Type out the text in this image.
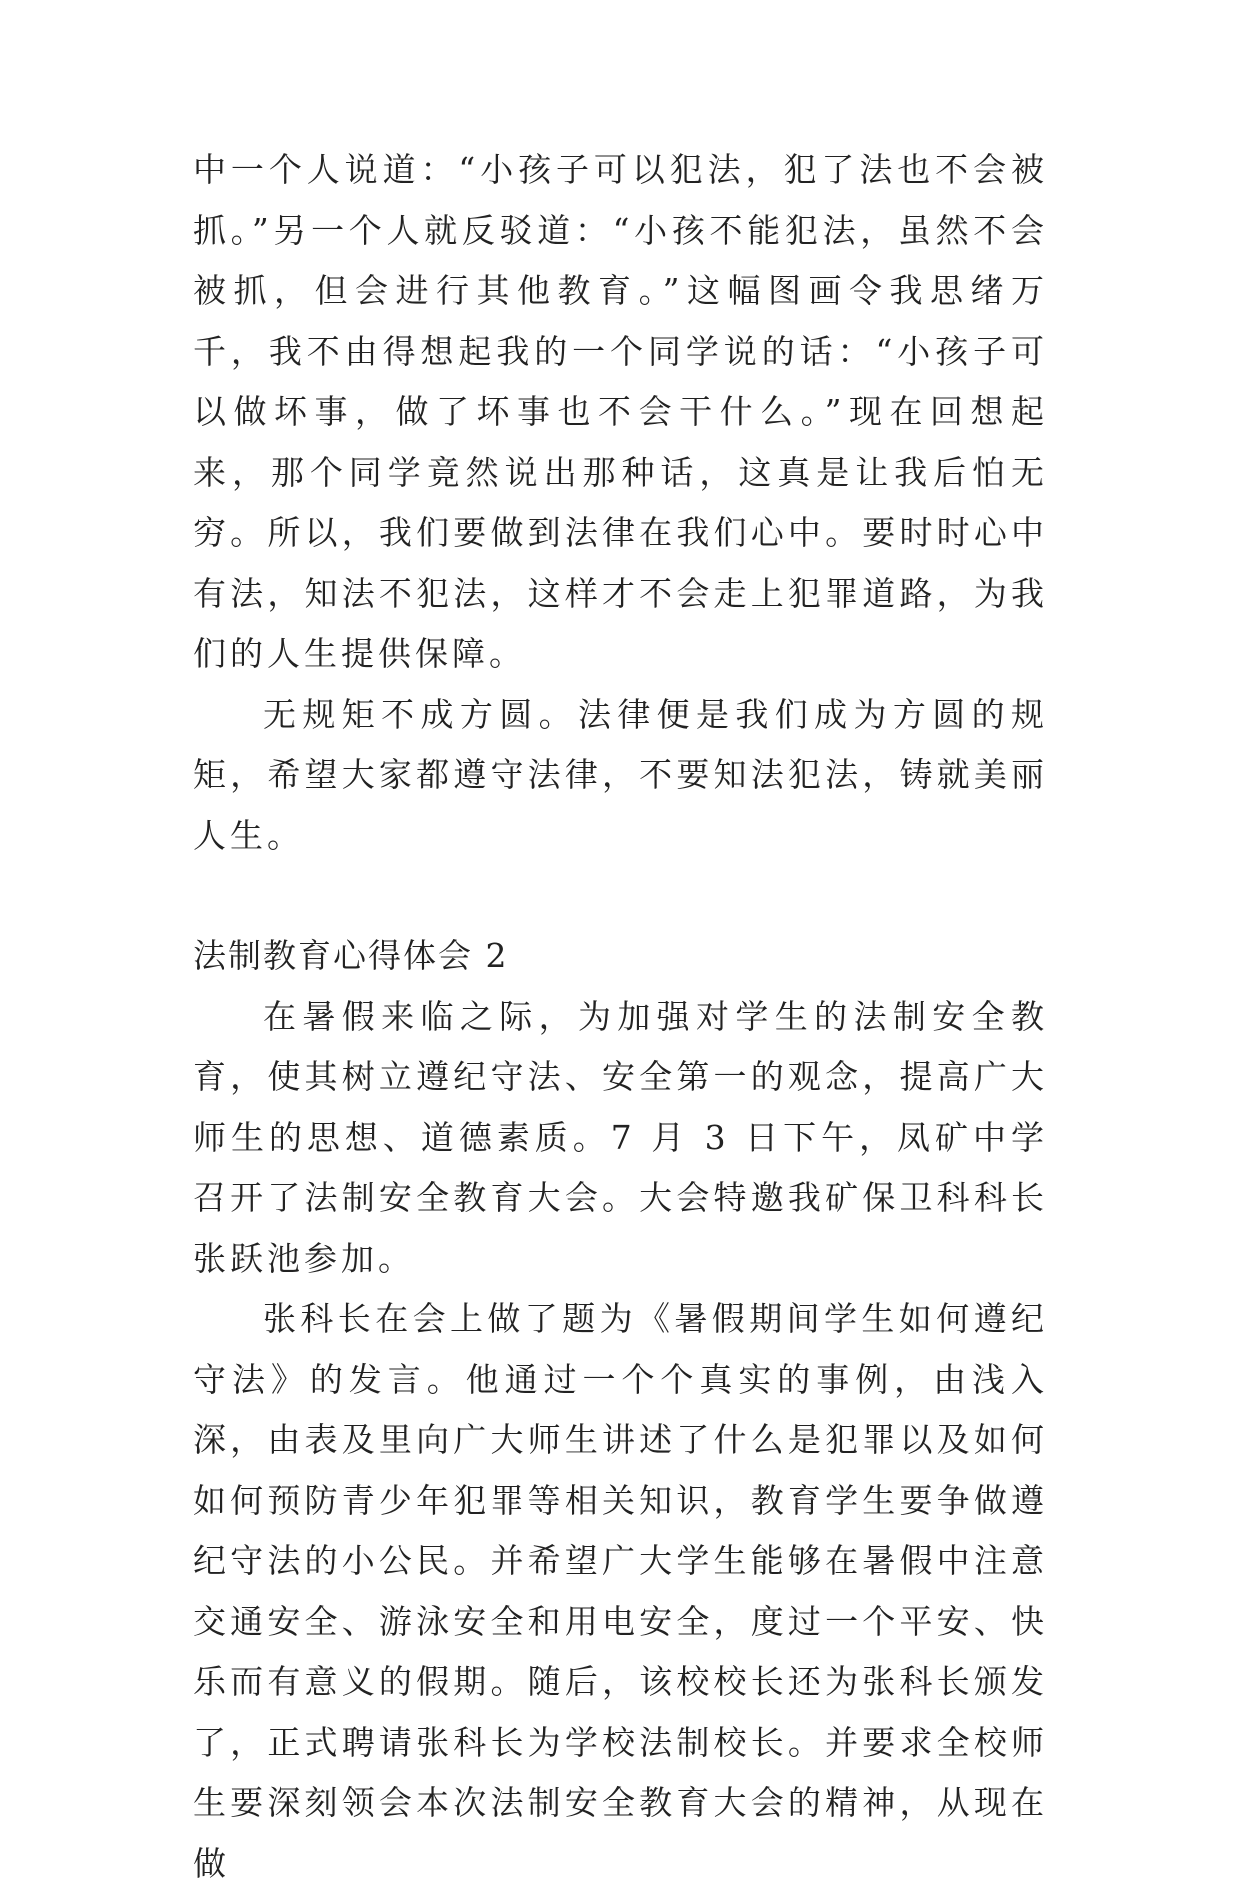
中一个人说道：“小孩子可以犯法，犯了法也不会被抓。”另一个人就反驳道：“小孩不能犯法，虽然不会被抓，但会进行其他教育。”这幅图画令我思绪万千，我不由得想起我的一个同学说的话：“小孩子可以做坏事，做了坏事也不会干什么。”现在回想起来，那个同学竟然说出那种话，这真是让我后怕无穷。所以，我们要做到法律在我们心中。要时时心中有法，知法不犯法，这样才不会走上犯罪道路，为我们的人生提供保障。

无规矩不成方圆。法律便是我们成为方圆的规矩，希望大家都遵守法律，不要知法犯法，铸就美丽人生。

法制教育心得体会 2

在暑假来临之际，为加强对学生的法制安全教育，使其树立遵纪守法、安全第一的观念，提高广大师生的思想、道德素质。7 月 3 日下午，凤矿中学召开了法制安全教育大会。大会特邀我矿保卫科科长张跃池参加。

张科长在会上做了题为《暑假期间学生如何遵纪守法》的发言。他通过一个个真实的事例，由浅入深，由表及里向广大师生讲述了什么是犯罪以及如何如何预防青少年犯罪等相关知识，教育学生要争做遵纪守法的小公民。并希望广大学生能够在暑假中注意交通安全、游泳安全和用电安全，度过一个平安、快乐而有意义的假期。随后，该校校长还为张科长颁发了，正式聘请张科长为学校法制校长。并要求全校师生要深刻领会本次法制安全教育大会的精神，从现在做
